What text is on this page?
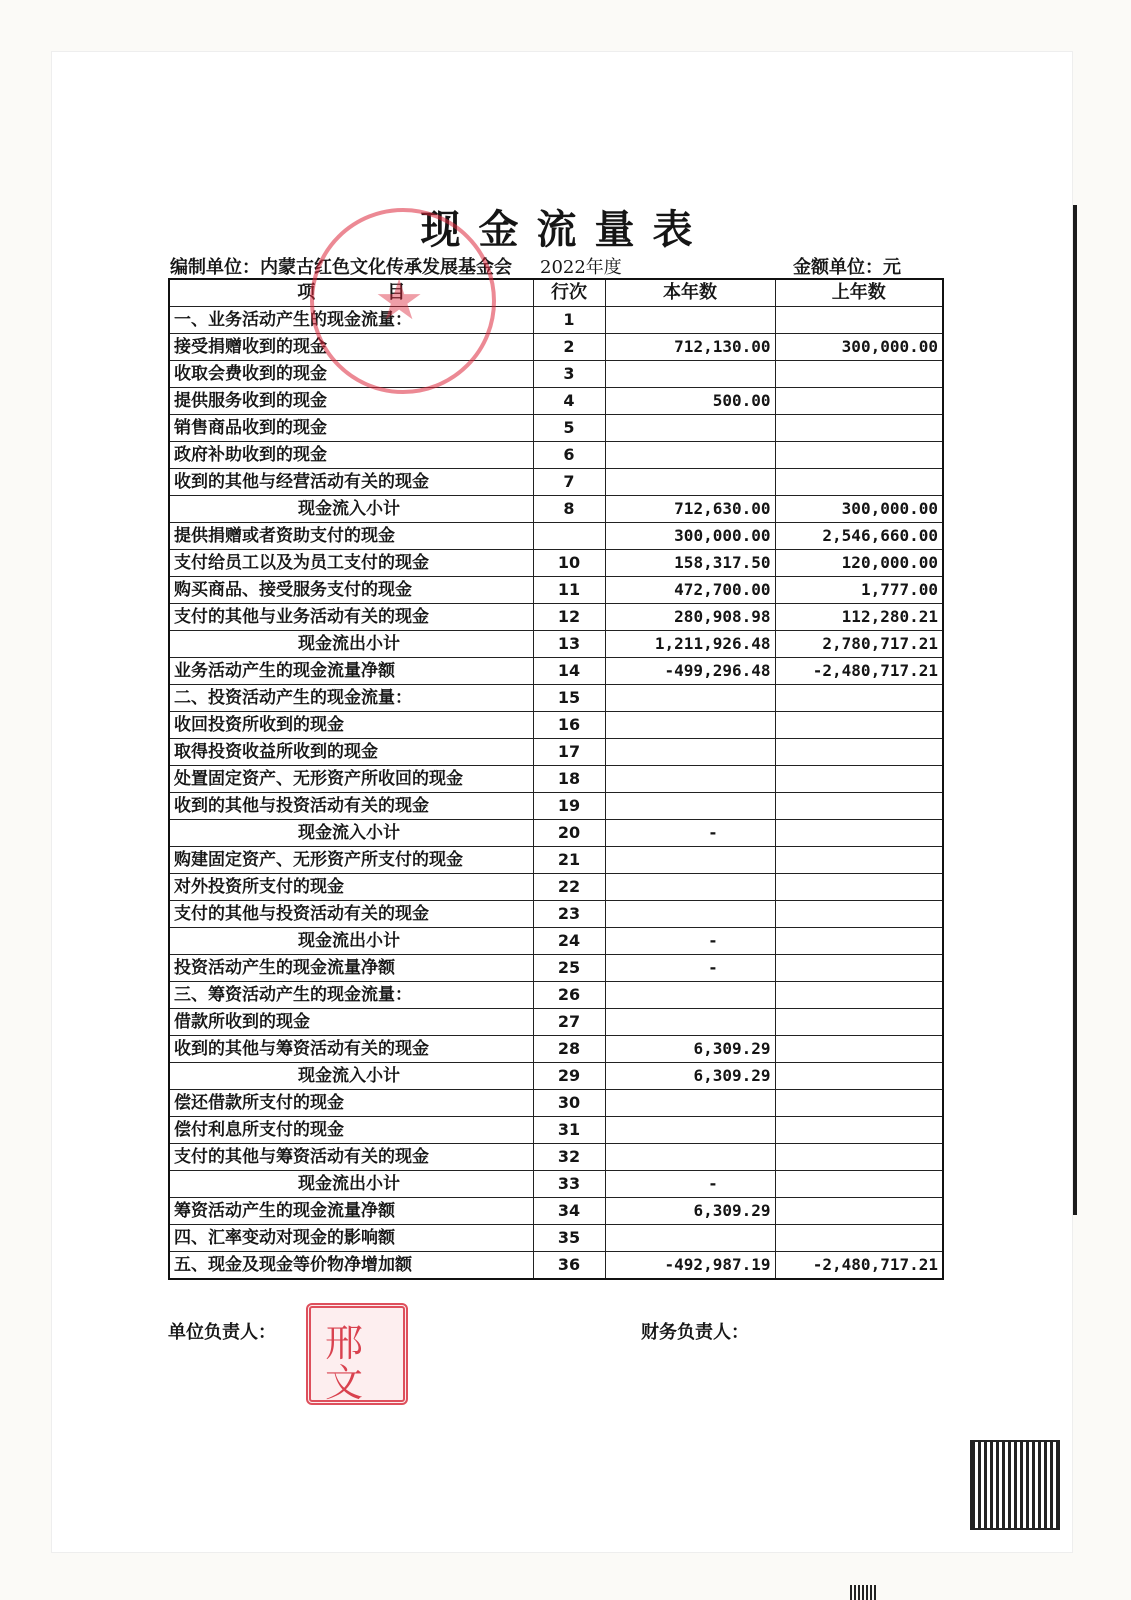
现金流量表
编制单位：内蒙古红色文化传承发展基金会 2022年度	金额单位：元
项　　　　目	行次	本年数	上年数
一、业务活动产生的现金流量：	1		
接受捐赠收到的现金	2	712,130.00	300,000.00
收取会费收到的现金	3		
提供服务收到的现金	4	500.00	
销售商品收到的现金	5		
政府补助收到的现金	6		
收到的其他与经营活动有关的现金	7		
现金流入小计	8	712,630.00	300,000.00
提供捐赠或者资助支付的现金		300,000.00	2,546,660.00
支付给员工以及为员工支付的现金	10	158,317.50	120,000.00
购买商品、接受服务支付的现金	11	472,700.00	1,777.00
支付的其他与业务活动有关的现金	12	280,908.98	112,280.21
现金流出小计	13	1,211,926.48	2,780,717.21
业务活动产生的现金流量净额	14	-499,296.48	-2,480,717.21
二、投资活动产生的现金流量：	15		
收回投资所收到的现金	16		
取得投资收益所收到的现金	17		
处置固定资产、无形资产所收回的现金	18		
收到的其他与投资活动有关的现金	19		
现金流入小计	20	-	
购建固定资产、无形资产所支付的现金	21		
对外投资所支付的现金	22		
支付的其他与投资活动有关的现金	23		
现金流出小计	24	-	
投资活动产生的现金流量净额	25	-	
三、筹资活动产生的现金流量：	26		
借款所收到的现金	27		
收到的其他与筹资活动有关的现金	28	6,309.29	
现金流入小计	29	6,309.29	
偿还借款所支付的现金	30		
偿付利息所支付的现金	31		
支付的其他与筹资活动有关的现金	32		
现金流出小计	33	-	
筹资活动产生的现金流量净额	34	6,309.29	
四、汇率变动对现金的影响额	35		
五、现金及现金等价物净增加额	36	-492,987.19	-2,480,717.21
单位负责人：	财务负责人：
★
邢
文
